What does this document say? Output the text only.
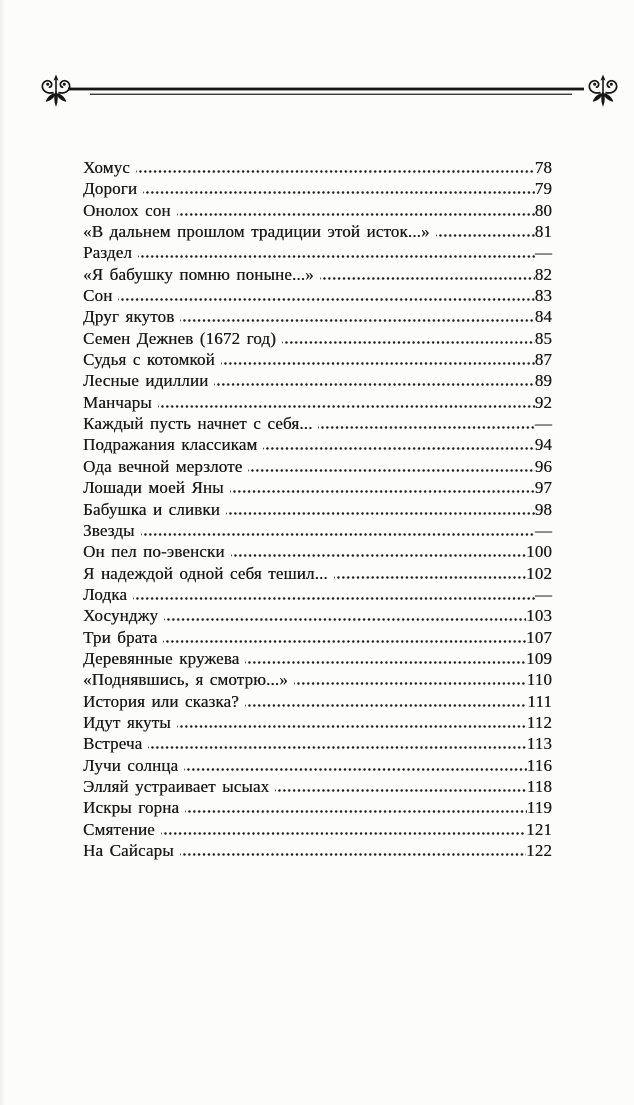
Хомус	78
Дороги	79
Онолох сон	80
«В дальнем прошлом традиции этой исток...»	81
Раздел	—
«Я бабушку помню поныне...»	82
Сон	83
Друг якутов	84
Семен Дежнев (1672 год)	85
Судья с котомкой	87
Лесные идиллии	89
Манчары	92
Каждый пусть начнет с себя...	—
Подражания классикам	94
Ода вечной мерзлоте	96
Лошади моей Яны	97
Бабушка и сливки	98
Звезды	—
Он пел по-эвенски	100
Я надеждой одной себя тешил...	102
Лодка	—
Хосунджу	103
Три брата	107
Деревянные кружева	109
«Поднявшись, я смотрю...»	110
История или сказка?	111
Идут якуты	112
Встреча	113
Лучи солнца	116
Элляй устраивает ысыах	118
Искры горна	119
Смятение	121
На Сайсары	122
